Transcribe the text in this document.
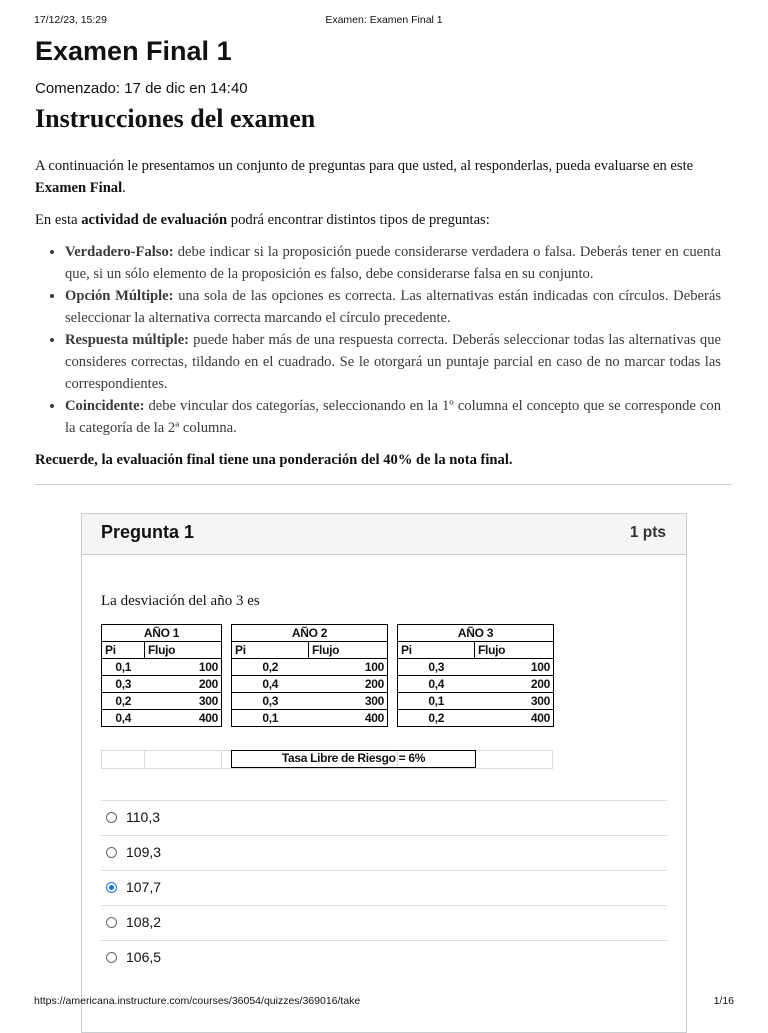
17/12/23, 15:29	Examen: Examen Final 1
Examen Final 1
Comenzado: 17 de dic en 14:40
Instrucciones del examen

A continuación le presentamos un conjunto de preguntas para que usted, al responderlas, pueda evaluarse en este Examen Final.

En esta actividad de evaluación podrá encontrar distintos tipos de preguntas:

• Verdadero-Falso: debe indicar si la proposición puede considerarse verdadera o falsa. Deberás tener en cuenta que, si un sólo elemento de la proposición es falso, debe considerarse falsa en su conjunto.
• Opción Múltiple: una sola de las opciones es correcta. Las alternativas están indicadas con círculos. Deberás seleccionar la alternativa correcta marcando el círculo precedente.
• Respuesta múltiple: puede haber más de una respuesta correcta. Deberás seleccionar todas las alternativas que consideres correctas, tildando en el cuadrado. Se le otorgará un puntaje parcial en caso de no marcar todas las correspondientes.
• Coincidente: debe vincular dos categorías, seleccionando en la 1º columna el concepto que se corresponde con la categoría de la 2ª columna.

Recuerde, la evaluación final tiene una ponderación del 40% de la nota final.

Pregunta 1	1 pts
La desviación del año 3 es
AÑO 1	
Pi	Flujo
0,1	100
0,3	200
0,2	300
0,4	400
AÑO 2	
Pi	Flujo
0,2	100
0,4	200
0,3	300
0,1	400
AÑO 3	
Pi	Flujo
0,3	100
0,4	200
0,1	300
0,2	400
Tasa Libre de Riesgo = 6%
110,3
109,3
107,7
108,2
106,5
https://americana.instructure.com/courses/36054/quizzes/369016/take	1/16
